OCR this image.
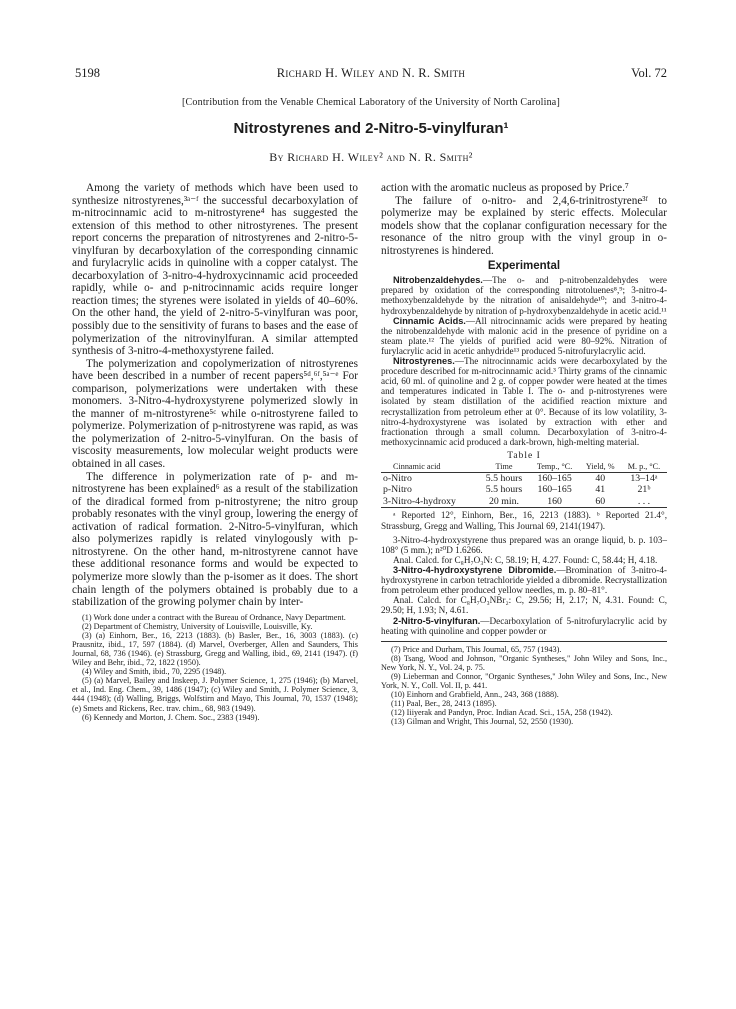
5198	Richard H. Wiley and N. R. Smith	Vol. 72
[Contribution from the Venable Chemical Laboratory of the University of North Carolina]
Nitrostyrenes and 2-Nitro-5-vinylfuran¹
By Richard H. Wiley² and N. R. Smith²

Among the variety of methods which have been used to synthesize nitrostyrenes,³ᵃ⁻ᶠ the successful decarboxylation of m-nitrocinnamic acid to m-nitrostyrene⁴ has suggested the extension of this method to other nitrostyrenes. The present report concerns the preparation of nitrostyrenes and 2-nitro-5-vinylfuran by decarboxylation of the corresponding cinnamic and furylacrylic acids in quinoline with a copper catalyst. The decarboxylation of 3-nitro-4-hydroxycinnamic acid proceeded rapidly, while o- and p-nitrocinnamic acids require longer reaction times; the styrenes were isolated in yields of 40–60%. On the other hand, the yield of 2-nitro-5-vinylfuran was poor, possibly due to the sensitivity of furans to bases and the ease of polymerization of the nitrovinylfuran. A similar attempted synthesis of 3-nitro-4-methoxystyrene failed.

The polymerization and copolymerization of nitrostyrenes have been described in a number of recent papers⁵ᵈ,⁶ᶠ,⁵ᵃ⁻ᵉ For comparison, polymerizations were undertaken with these monomers. 3-Nitro-4-hydroxystyrene polymerized slowly in the manner of m-nitrostyrene⁵ᶜ while o-nitrostyrene failed to polymerize. Polymerization of p-nitrostyrene was rapid, as was the polymerization of 2-nitro-5-vinylfuran. On the basis of viscosity measurements, low molecular weight products were obtained in all cases.

The difference in polymerization rate of p- and m-nitrostyrene has been explained⁶ as a result of the stabilization of the diradical formed from p-nitrostyrene; the nitro group probably resonates with the vinyl group, lowering the energy of activation of radical formation. 2-Nitro-5-vinylfuran, which also polymerizes rapidly is related vinylogously with p-nitrostyrene. On the other hand, m-nitrostyrene cannot have these additional resonance forms and would be expected to polymerize more slowly than the p-isomer as it does. The short chain length of the polymers obtained is probably due to a stabilization of the growing polymer chain by inter-

(1) Work done under a contract with the Bureau of Ordnance, Navy Department.

(2) Department of Chemistry, University of Louisville, Louisville, Ky.

(3) (a) Einhorn, Ber., 16, 2213 (1883). (b) Basler, Ber., 16, 3003 (1883). (c) Prausnitz, ibid., 17, 597 (1884). (d) Marvel, Overberger, Allen and Saunders, This Journal, 68, 736 (1946). (e) Strassburg, Gregg and Walling, ibid., 69, 2141 (1947). (f) Wiley and Behr, ibid., 72, 1822 (1950).

(4) Wiley and Smith, ibid., 70, 2295 (1948).

(5) (a) Marvel, Bailey and Inskeep, J. Polymer Science, 1, 275 (1946); (b) Marvel, et al., Ind. Eng. Chem., 39, 1486 (1947); (c) Wiley and Smith, J. Polymer Science, 3, 444 (1948); (d) Walling, Briggs, Wolfstirn and Mayo, This Journal, 70, 1537 (1948); (e) Smets and Rickens, Rec. trav. chim., 68, 983 (1949).

(6) Kennedy and Morton, J. Chem. Soc., 2383 (1949).

action with the aromatic nucleus as proposed by Price.⁷

The failure of o-nitro- and 2,4,6-trinitrostyrene³ᶠ to polymerize may be explained by steric effects. Molecular models show that the coplanar configuration necessary for the resonance of the nitro group with the vinyl group in o-nitrostyrenes is hindered.

Experimental

Nitrobenzaldehydes.—The o- and p-nitrobenzaldehydes were prepared by oxidation of the corresponding nitrotoluenes⁸,⁹; 3-nitro-4-methoxybenzaldehyde by the nitration of anisaldehyde¹⁰; and 3-nitro-4-hydroxybenzaldehyde by nitration of p-hydroxybenzaldehyde in acetic acid.¹¹

Cinnamic Acids.—All nitrocinnamic acids were prepared by heating the nitrobenzaldehyde with malonic acid in the presence of pyridine on a steam plate.¹² The yields of purified acid were 80–92%. Nitration of furylacrylic acid in acetic anhydride¹³ produced 5-nitrofurylacrylic acid.

Nitrostyrenes.—The nitrocinnamic acids were decarboxylated by the procedure described for m-nitrocinnamic acid.³ Thirty grams of the cinnamic acid, 60 ml. of quinoline and 2 g. of copper powder were heated at the times and temperatures indicated in Table I. The o- and p-nitrostyrenes were isolated by steam distillation of the acidified reaction mixture and recrystallization from petroleum ether at 0°. Because of its low volatility, 3-nitro-4-hydroxystyrene was isolated by extraction with ether and fractionation through a small column. Decarboxylation of 3-nitro-4-methoxycinnamic acid produced a dark-brown, high-melting material.

Table I
Cinnamic acid	Time	Temp., °C.	Yield, %	M. p., °C.
o-Nitro	5.5 hours	160–165	40	13–14ᵃ
p-Nitro	5.5 hours	160–165	41	21ᵇ
3-Nitro-4-hydroxy	20 min.	160	60	. . .

ᵃ Reported 12°, Einhorn, Ber., 16, 2213 (1883). ᵇ Reported 21.4°, Strassburg, Gregg and Walling, This Journal 69, 2141(1947).

3-Nitro-4-hydroxystyrene thus prepared was an orange liquid, b. p. 103–108° (5 mm.); n²⁰D 1.6266.

Anal. Calcd. for C₈H₇O₃N: C, 58.19; H, 4.27. Found: C, 58.44; H, 4.18.

3-Nitro-4-hydroxystyrene Dibromide.—Bromination of 3-nitro-4-hydroxystyrene in carbon tetrachloride yielded a dibromide. Recrystallization from petroleum ether produced yellow needles, m. p. 80–81°.

Anal. Calcd. for C₈H₇O₃NBr₂: C, 29.56; H, 2.17; N, 4.31. Found: C, 29.50; H, 1.93; N, 4.61.

2-Nitro-5-vinylfuran.—Decarboxylation of 5-nitrofurylacrylic acid by heating with quinoline and copper powder or

(7) Price and Durham, This Journal, 65, 757 (1943).

(8) Tsang, Wood and Johnson, "Organic Syntheses," John Wiley and Sons, Inc., New York, N. Y., Vol. 24, p. 75.

(9) Lieberman and Connor, "Organic Syntheses," John Wiley and Sons, Inc., New York, N. Y., Coll. Vol. II, p. 441.

(10) Einhorn and Grabfield, Ann., 243, 368 (1888).

(11) Paal, Ber., 28, 2413 (1895).

(12) Iiiyerak and Pandyn, Proc. Indian Acad. Sci., 15A, 258 (1942).

(13) Gilman and Wright, This Journal, 52, 2550 (1930).
